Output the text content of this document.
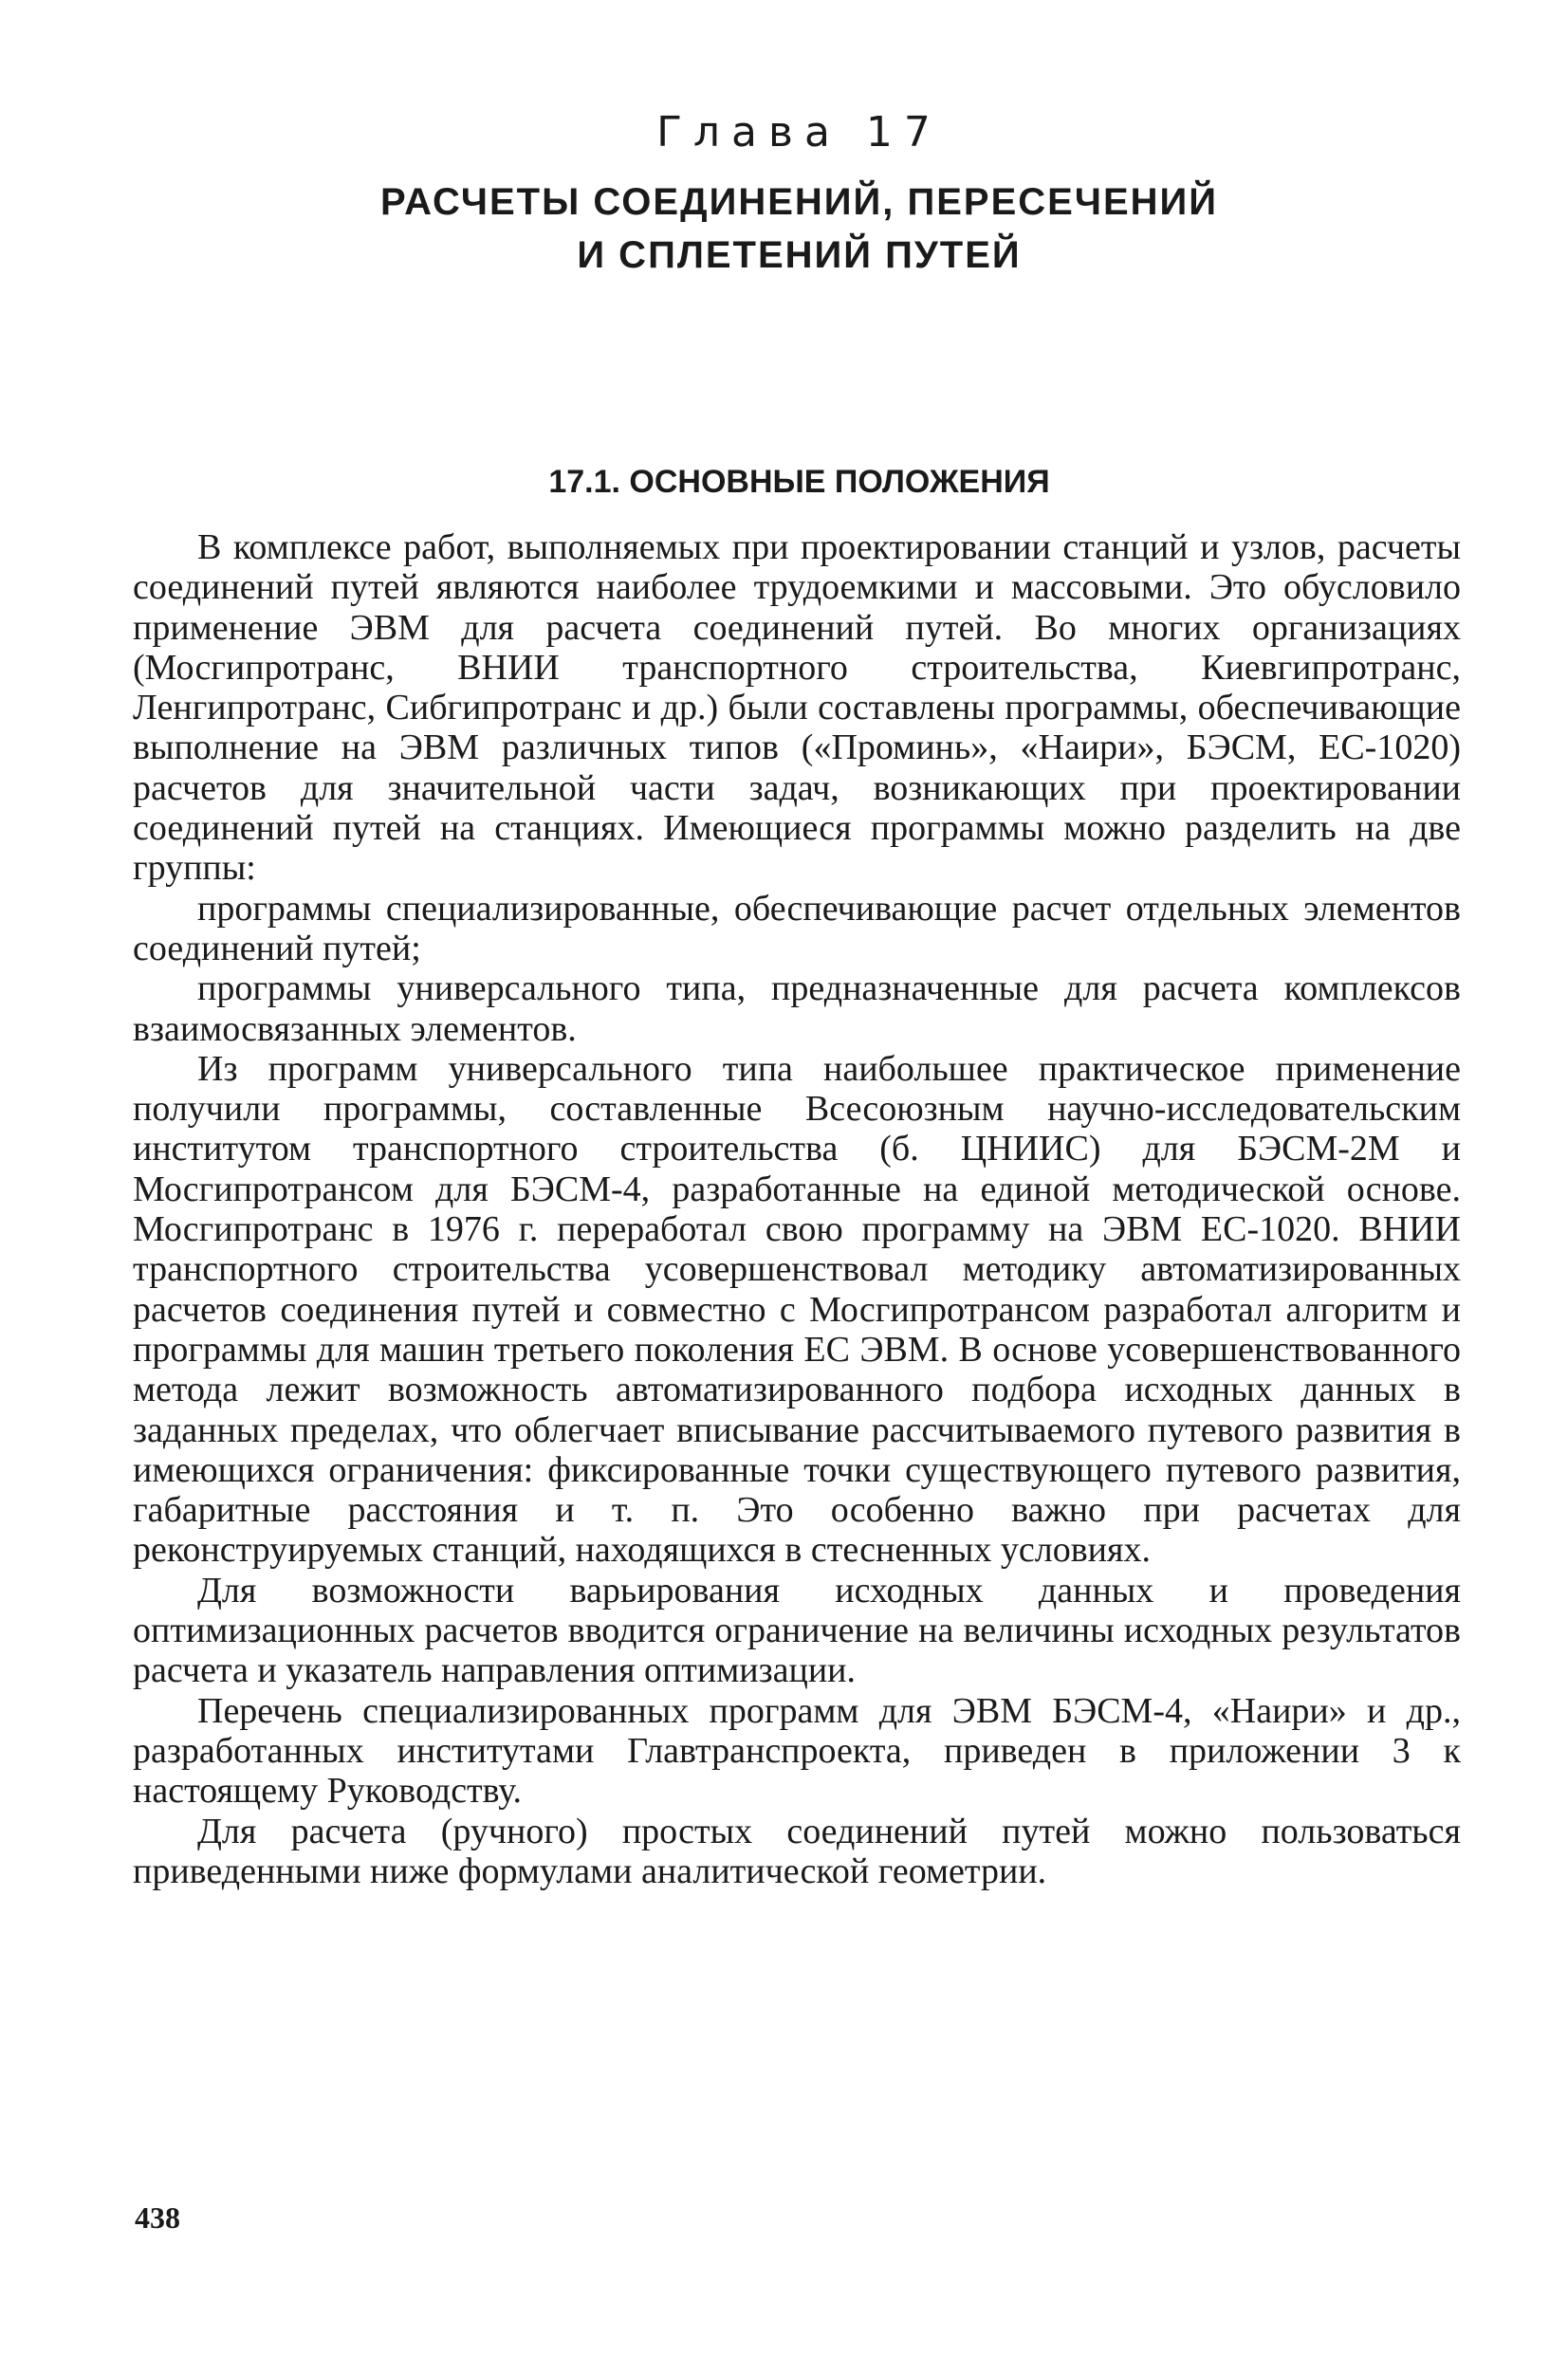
Глава 17
РАСЧЕТЫ СОЕДИНЕНИЙ, ПЕРЕСЕЧЕНИЙ
И СПЛЕТЕНИЙ ПУТЕЙ
17.1. ОСНОВНЫЕ ПОЛОЖЕНИЯ

В комплексе работ, выполняемых при проектировании станций и узлов, расчеты соединений путей являются наиболее трудоемкими и массовыми. Это обусловило применение ЭВМ для расчета соединений путей. Во многих организациях (Мосгипротранс, ВНИИ транспортного строительства, Киевгипротранс, Ленгипротранс, Сибгипротранс и др.) были составлены программы, обеспечивающие выполнение на ЭВМ различных типов («Проминь», «Наири», БЭСМ, ЕС-1020) расчетов для значительной части задач, возникающих при проектировании соединений путей на станциях. Имеющиеся программы можно разделить на две группы:

программы специализированные, обеспечивающие расчет отдельных элементов соединений путей;

программы универсального типа, предназначенные для расчета комплексов взаимосвязанных элементов.

Из программ универсального типа наибольшее практическое применение получили программы, составленные Всесоюзным научно-исследовательским институтом транспортного строительства (б. ЦНИИС) для БЭСМ-2М и Мосгипротрансом для БЭСМ-4, разработанные на единой методической основе. Мосгипротранс в 1976 г. переработал свою программу на ЭВМ ЕС-1020. ВНИИ транспортного строительства усовершенствовал методику автоматизированных расчетов соединения путей и совместно с Мосгипротрансом разработал алгоритм и программы для машин третьего поколения ЕС ЭВМ. В основе усовершенствованного метода лежит возможность автоматизированного подбора исходных данных в заданных пределах, что облегчает вписывание рассчитываемого путевого развития в имеющихся ограничения: фиксированные точки существующего путевого развития, габаритные расстояния и т. п. Это особенно важно при расчетах для реконструируемых станций, находящихся в стесненных условиях.

Для возможности варьирования исходных данных и проведения оптимизационных расчетов вводится ограничение на величины исходных результатов расчета и указатель направления оптимизации.

Перечень специализированных программ для ЭВМ БЭСМ-4, «Наири» и др., разработанных институтами Главтранспроекта, приведен в приложении 3 к настоящему Руководству.

Для расчета (ручного) простых соединений путей можно пользоваться приведенными ниже формулами аналитической геометрии.

438
